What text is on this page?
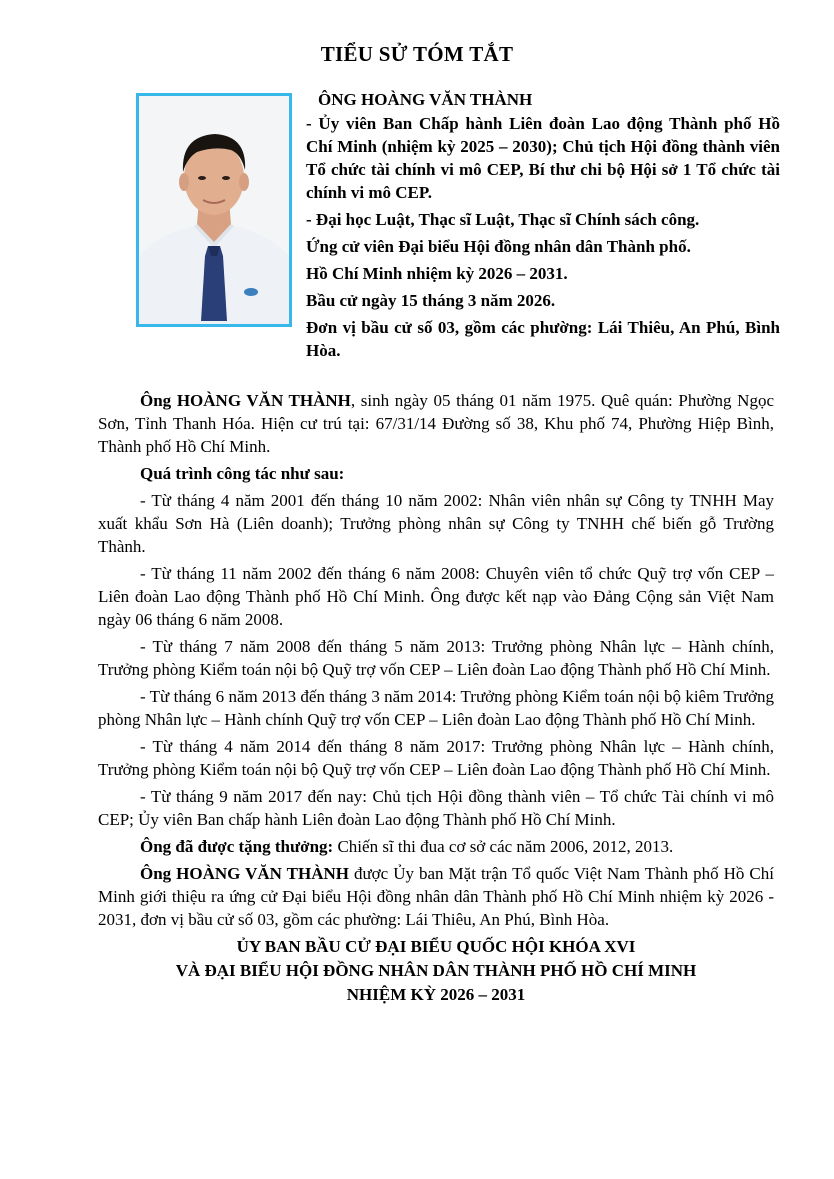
TIỂU SỬ TÓM TẮT
ÔNG HOÀNG VĂN THÀNH

- Ủy viên Ban Chấp hành Liên đoàn Lao động Thành phố Hồ Chí Minh (nhiệm kỳ 2025 – 2030); Chủ tịch Hội đồng thành viên Tổ chức tài chính vi mô CEP, Bí thư chi bộ Hội sở 1 Tổ chức tài chính vi mô CEP.

- Đại học Luật, Thạc sĩ Luật, Thạc sĩ Chính sách công.

Ứng cử viên Đại biểu Hội đồng nhân dân Thành phố.

Hồ Chí Minh nhiệm kỳ 2026 – 2031.

Bầu cử ngày 15 tháng 3 năm 2026.

Đơn vị bầu cử số 03, gồm các phường: Lái Thiêu, An Phú, Bình Hòa.

Ông HOÀNG VĂN THÀNH, sinh ngày 05 tháng 01 năm 1975. Quê quán: Phường Ngọc Sơn, Tỉnh Thanh Hóa. Hiện cư trú tại: 67/31/14 Đường số 38, Khu phố 74, Phường Hiệp Bình, Thành phố Hồ Chí Minh.

Quá trình công tác như sau:

- Từ tháng 4 năm 2001 đến tháng 10 năm 2002: Nhân viên nhân sự Công ty TNHH May xuất khẩu Sơn Hà (Liên doanh); Trưởng phòng nhân sự Công ty TNHH chế biến gỗ Trường Thành.

- Từ tháng 11 năm 2002 đến tháng 6 năm 2008: Chuyên viên tổ chức Quỹ trợ vốn CEP – Liên đoàn Lao động Thành phố Hồ Chí Minh. Ông được kết nạp vào Đảng Cộng sản Việt Nam ngày 06 tháng 6 năm 2008.

- Từ tháng 7 năm 2008 đến tháng 5 năm 2013: Trưởng phòng Nhân lực – Hành chính, Trưởng phòng Kiểm toán nội bộ Quỹ trợ vốn CEP – Liên đoàn Lao động Thành phố Hồ Chí Minh.

- Từ tháng 6 năm 2013 đến tháng 3 năm 2014: Trưởng phòng Kiểm toán nội bộ kiêm Trưởng phòng Nhân lực – Hành chính Quỹ trợ vốn CEP – Liên đoàn Lao động Thành phố Hồ Chí Minh.

- Từ tháng 4 năm 2014 đến tháng 8 năm 2017: Trưởng phòng Nhân lực – Hành chính, Trưởng phòng Kiểm toán nội bộ Quỹ trợ vốn CEP – Liên đoàn Lao động Thành phố Hồ Chí Minh.

- Từ tháng 9 năm 2017 đến nay: Chủ tịch Hội đồng thành viên – Tổ chức Tài chính vi mô CEP; Ủy viên Ban chấp hành Liên đoàn Lao động Thành phố Hồ Chí Minh.

Ông đã được tặng thưởng: Chiến sĩ thi đua cơ sở các năm 2006, 2012, 2013.

Ông HOÀNG VĂN THÀNH được Ủy ban Mặt trận Tổ quốc Việt Nam Thành phố Hồ Chí Minh giới thiệu ra ứng cử Đại biểu Hội đồng nhân dân Thành phố Hồ Chí Minh nhiệm kỳ 2026 - 2031, đơn vị bầu cử số 03, gồm các phường: Lái Thiêu, An Phú, Bình Hòa.

ỦY BAN BẦU CỬ ĐẠI BIỂU QUỐC HỘI KHÓA XVI
VÀ ĐẠI BIỂU HỘI ĐỒNG NHÂN DÂN THÀNH PHỐ HỒ CHÍ MINH
NHIỆM KỲ 2026 – 2031
